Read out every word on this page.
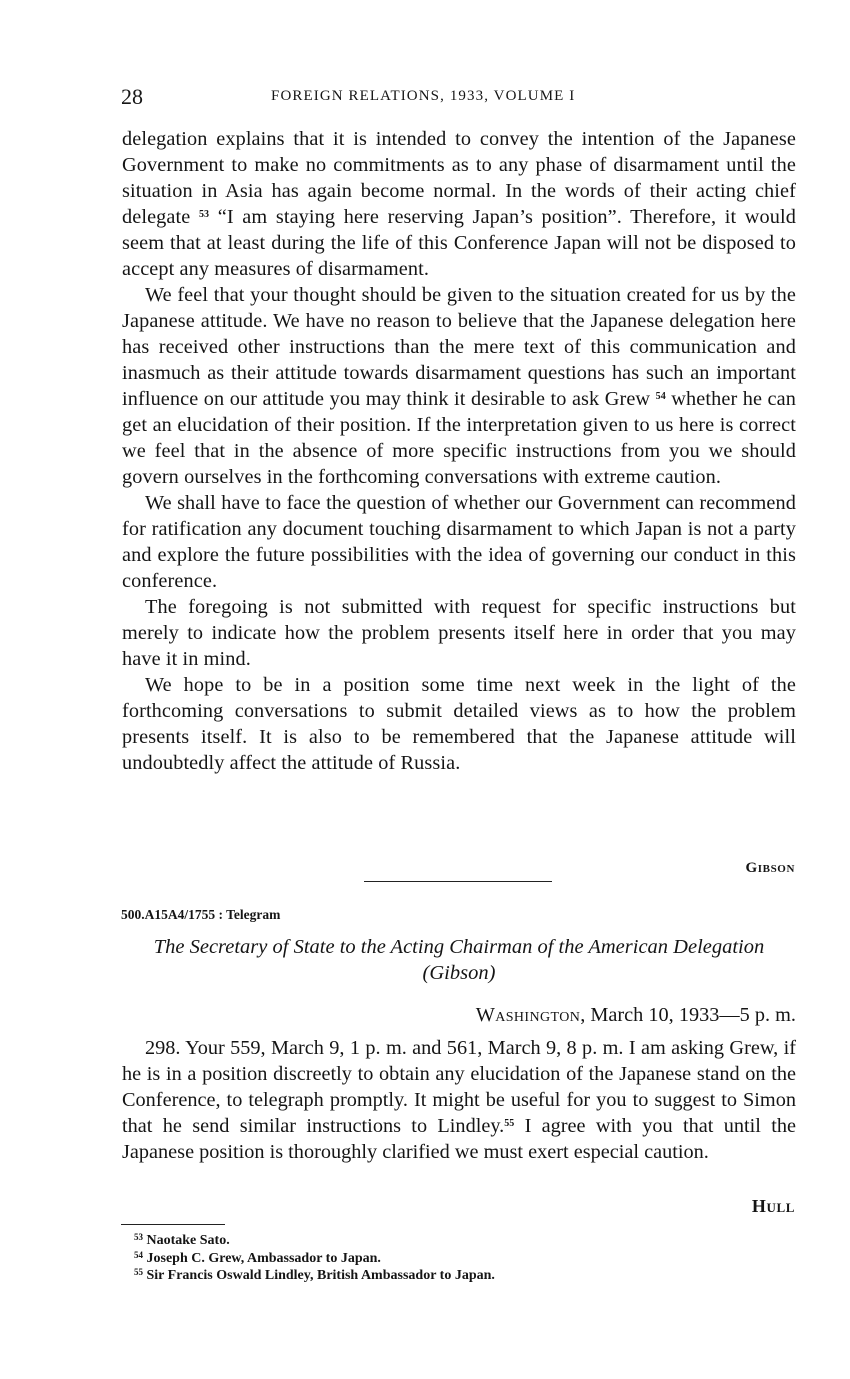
28	FOREIGN RELATIONS, 1933, VOLUME I

delegation explains that it is intended to convey the intention of the Japanese Government to make no commitments as to any phase of disarmament until the situation in Asia has again become normal. In the words of their acting chief delegate $^{53}$ “I am staying here reserving Japan’s position”. Therefore, it would seem that at least during the life of this Conference Japan will not be disposed to accept any measures of disarmament.

We feel that your thought should be given to the situation created for us by the Japanese attitude. We have no reason to believe that the Japanese delegation here has received other instructions than the mere text of this communication and inasmuch as their attitude towards disarmament questions has such an important influence on our attitude you may think it desirable to ask Grew $^{54}$ whether he can get an elucidation of their position. If the interpretation given to us here is correct we feel that in the absence of more specific instructions from you we should govern ourselves in the forthcoming conversations with extreme caution.

We shall have to face the question of whether our Government can recommend for ratification any document touching disarmament to which Japan is not a party and explore the future possibilities with the idea of governing our conduct in this conference.

The foregoing is not submitted with request for specific instructions but merely to indicate how the problem presents itself here in order that you may have it in mind.

We hope to be in a position some time next week in the light of the forthcoming conversations to submit detailed views as to how the problem presents itself. It is also to be remembered that the Japanese attitude will undoubtedly affect the attitude of Russia.

Gibson
500.A15A4/1755 : Telegram
The Secretary of State to the Acting Chairman of the American Delegation (Gibson)
Washington, March 10, 1933—5 p. m.

298. Your 559, March 9, 1 p. m. and 561, March 9, 8 p. m. I am asking Grew, if he is in a position discreetly to obtain any elucidation of the Japanese stand on the Conference, to telegraph promptly. It might be useful for you to suggest to Simon that he send similar instructions to Lindley.$^{55}$ I agree with you that until the Japanese position is thoroughly clarified we must exert especial caution.

Hull
$^{53}$ Naotake Sato.
$^{54}$ Joseph C. Grew, Ambassador to Japan.
$^{55}$ Sir Francis Oswald Lindley, British Ambassador to Japan.
